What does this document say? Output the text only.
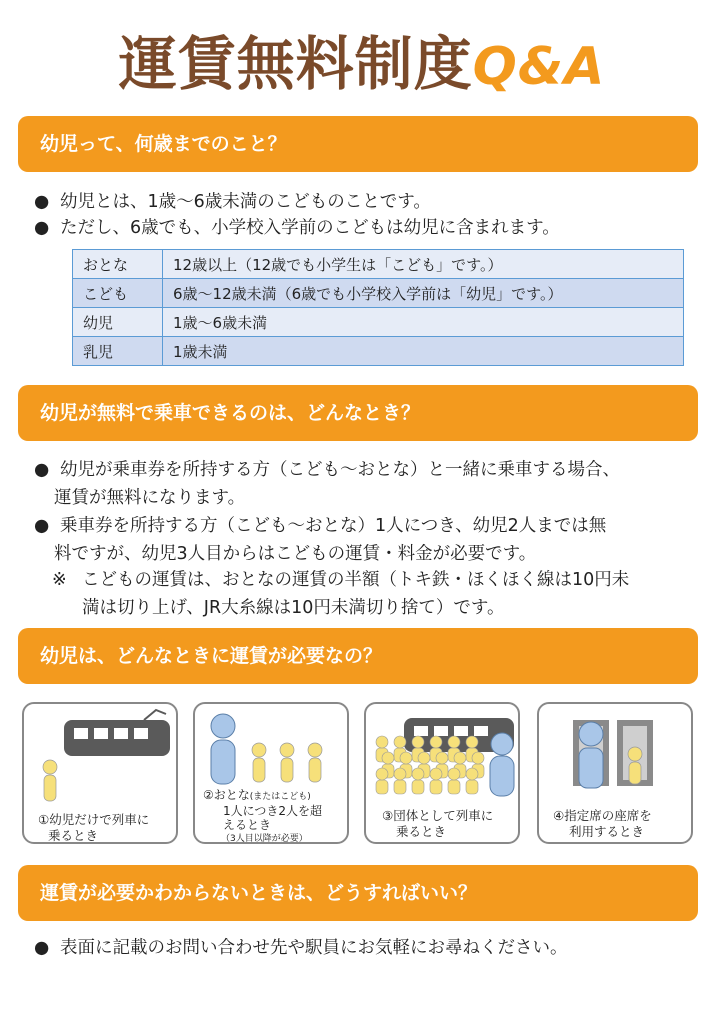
運賃無料制度Q&A
幼児って、何歳までのこと？
● 幼児とは、1歳～6歳未満のこどものことです。
● ただし、6歳でも、小学校入学前のこどもは幼児に含まれます。
おとな	12歳以上（12歳でも小学生は「こども」です。）
こども	6歳～12歳未満（6歳でも小学校入学前は「幼児」です。）
幼児	1歳～6歳未満
乳児	1歳未満
幼児が無料で乗車できるのは、どんなとき？
● 幼児が乗車券を所持する方（こども～おとな）と一緒に乗車する場合、
運賃が無料になります。
● 乗車券を所持する方（こども～おとな）1人につき、幼児2人までは無
料ですが、幼児3人目からはこどもの運賃・料金が必要です。
※ こどもの運賃は、おとなの運賃の半額（トキ鉄・ほくほく線は10円未
満は切り上げ、JR大糸線は10円未満切り捨て）です。
幼児は、どんなときに運賃が必要なの？
①幼児だけで列車に
乗るとき
②おとな(またはこども)
1人につき2人を超
えるとき
（3人目以降が必要）
③団体として列車に
乗るとき
④指定席の座席を
利用するとき
運賃が必要かわからないときは、どうすればいい？
● 表面に記載のお問い合わせ先や駅員にお気軽にお尋ねください。
